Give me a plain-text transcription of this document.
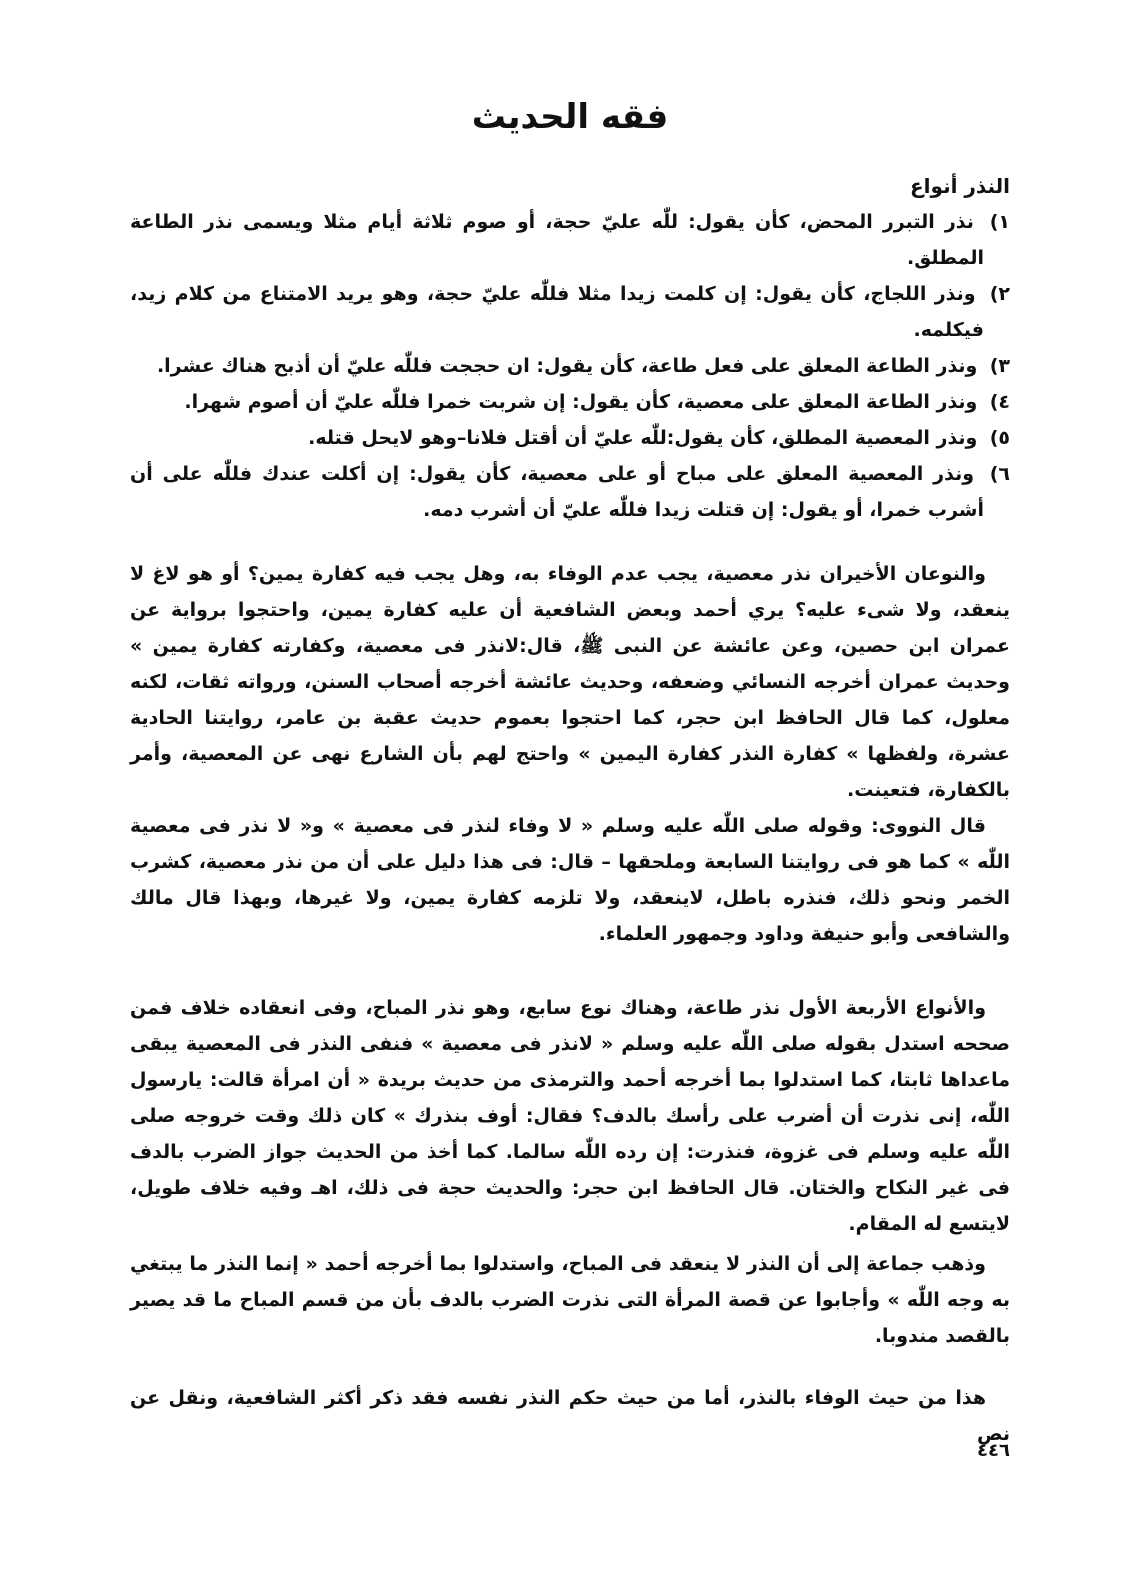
فقه الحديث
النذر أنواع
١) نذر التبرر المحض، كأن يقول: للّٰه عليّ حجة، أو صوم ثلاثة أيام مثلا ويسمى نذر الطاعة المطلق.
٢) ونذر اللجاج، كأن يقول: إن كلمت زيدا مثلا فللّٰه عليّ حجة، وهو يريد الامتناع من كلام زيد، فيكلمه.
٣) ونذر الطاعة المعلق على فعل طاعة، كأن يقول: ان حججت فللّٰه عليّ أن أذبح هناك عشرا.
٤) ونذر الطاعة المعلق على معصية، كأن يقول: إن شربت خمرا فللّٰه عليّ أن أصوم شهرا.
٥) ونذر المعصية المطلق، كأن يقول:للّٰه عليّ أن أقتل فلانا–وهو لايحل قتله.
٦) ونذر المعصية المعلق على مباح أو على معصية، كأن يقول: إن أكلت عندك فللّٰه على أن أشرب خمرا، أو يقول: إن قتلت زيدا فللّٰه عليّ أن أشرب دمه.

والنوعان الأخيران نذر معصية، يجب عدم الوفاء به، وهل يجب فيه كفارة يمين؟ أو هو لاغ لا ينعقد، ولا شىء عليه؟ يري أحمد وبعض الشافعية أن عليه كفارة يمين، واحتجوا برواية عن عمران ابن حصين، وعن عائشة عن النبى ﷺ، قال:لانذر فى معصية، وكفارته كفارة يمين » وحديث عمران أخرجه النسائي وضعفه، وحديث عائشة أخرجه أصحاب السنن، ورواته ثقات، لكنه معلول، كما قال الحافظ ابن حجر، كما احتجوا بعموم حديث عقبة بن عامر، روايتنا الحادية عشرة، ولفظها » كفارة النذر كفارة اليمين » واحتج لهم بأن الشارع نهى عن المعصية، وأمر بالكفارة، فتعينت.

قال النووى: وقوله صلى اللّٰه عليه وسلم « لا وفاء لنذر فى معصية » و« لا نذر فى معصية اللّٰه » كما هو فى روايتنا السابعة وملحقها – قال: فى هذا دليل على أن من نذر معصية، كشرب الخمر ونحو ذلك، فنذره باطل، لاينعقد، ولا تلزمه كفارة يمين، ولا غيرها، وبهذا قال مالك والشافعى وأبو حنيفة وداود وجمهور العلماء.

والأنواع الأربعة الأول نذر طاعة، وهناك نوع سابع، وهو نذر المباح، وفى انعقاده خلاف فمن صححه استدل بقوله صلى اللّٰه عليه وسلم « لانذر فى معصية » فنفى النذر فى المعصية يبقى ماعداها ثابتا، كما استدلوا بما أخرجه أحمد والترمذى من حديث بريدة « أن امرأة قالت: يارسول اللّٰه، إنى نذرت أن أضرب على رأسك بالدف؟ فقال: أوف بنذرك » كان ذلك وقت خروجه صلى اللّٰه عليه وسلم فى غزوة، فنذرت: إن رده اللّٰه سالما. كما أخذ من الحديث جواز الضرب بالدف فى غير النكاح والختان. قال الحافظ ابن حجر: والحديث حجة فى ذلك، اهـ وفيه خلاف طويل، لايتسع له المقام.

وذهب جماعة إلى أن النذر لا ينعقد فى المباح، واستدلوا بما أخرجه أحمد « إنما النذر ما يبتغي به وجه اللّٰه » وأجابوا عن قصة المرأة التى نذرت الضرب بالدف بأن من قسم المباح ما قد يصير بالقصد مندوبا.

هذا من حيث الوفاء بالنذر، أما من حيث حكم النذر نفسه فقد ذكر أكثر الشافعية، ونقل عن نص

٤٤٦
